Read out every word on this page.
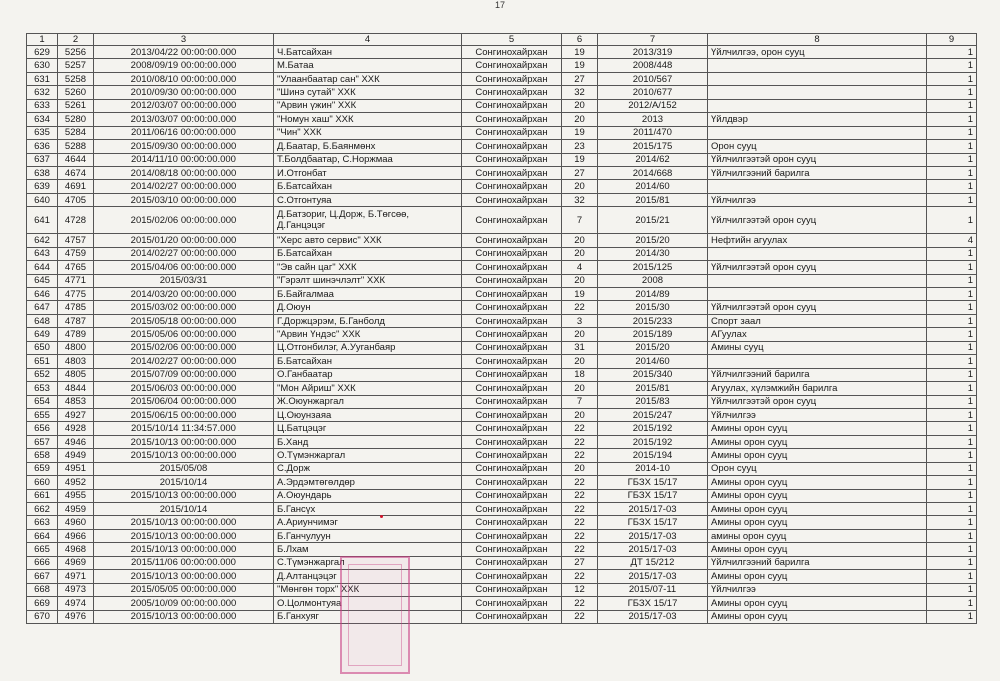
17
1	2	3	4	5	6	7	8	9
629	5256	2013/04/22 00:00:00.000	Ч.Батсайхан	Сонгинохайрхан	19	2013/319	Үйлчилгээ, орон сууц	1
630	5257	2008/09/19 00:00:00.000	М.Батаа	Сонгинохайрхан	19	2008/448		1
631	5258	2010/08/10 00:00:00.000	"Улаанбаатар сан" ХХК	Сонгинохайрхан	27	2010/567		1
632	5260	2010/09/30 00:00:00.000	"Шинэ сутай" ХХК	Сонгинохайрхан	32	2010/677		1
633	5261	2012/03/07 00:00:00.000	"Арвин үжин" ХХК	Сонгинохайрхан	20	2012/А/152		1
634	5280	2013/03/07 00:00:00.000	"Номун хаш" ХХК	Сонгинохайрхан	20	2013	Үйлдвэр	1
635	5284	2011/06/16 00:00:00.000	"Чин" ХХК	Сонгинохайрхан	19	2011/470		1
636	5288	2015/09/30 00:00:00.000	Д.Баатар, Б.Баянмөнх	Сонгинохайрхан	23	2015/175	Орон сууц	1
637	4644	2014/11/10 00:00:00.000	Т.Болдбаатар, С.Норжмаа	Сонгинохайрхан	19	2014/62	Үйлчилгээтэй орон сууц	1
638	4674	2014/08/18 00:00:00.000	И.Отгонбат	Сонгинохайрхан	27	2014/668	Үйлчилгээний барилга	1
639	4691	2014/02/27 00:00:00.000	Б.Батсайхан	Сонгинохайрхан	20	2014/60		1
640	4705	2015/03/10 00:00:00.000	С.Отгонтуяа	Сонгинохайрхан	32	2015/81	Үйлчилгээ	1
641	4728	2015/02/06 00:00:00.000	Д.Батзориг, Ц.Дорж, Б.Төгсөө, Д.Ганцэцэг	Сонгинохайрхан	7	2015/21	Үйлчилгээтэй орон сууц	1
642	4757	2015/01/20 00:00:00.000	"Херс авто сервис" ХХК	Сонгинохайрхан	20	2015/20	Нефтийн агуулах	4
643	4759	2014/02/27 00:00:00.000	Б.Батсайхан	Сонгинохайрхан	20	2014/30		1
644	4765	2015/04/06 00:00:00.000	"Эв сайн цаг" ХХК	Сонгинохайрхан	4	2015/125	Үйлчилгээтэй орон сууц	1
645	4771	2015/03/31	"Гэрэлт шинэчлэлт" ХХК	Сонгинохайрхан	20	2008		1
646	4775	2014/03/20 00:00:00.000	Б.Байгалмаа	Сонгинохайрхан	19	2014/89		1
647	4785	2015/03/02 00:00:00.000	Д.Оюун	Сонгинохайрхан	22	2015/30	Үйлчилгээтэй орон сууц	1
648	4787	2015/05/18 00:00:00.000	Г.Доржцэрэм, Б.Ганболд	Сонгинохайрхан	3	2015/233	Спорт заал	1
649	4789	2015/05/06 00:00:00.000	"Арвин Үндэс" ХХК	Сонгинохайрхан	20	2015/189	АГуулах	1
650	4800	2015/02/06 00:00:00.000	Ц.Отгонбилэг, А.Ууганбаяр	Сонгинохайрхан	31	2015/20	Амины сууц	1
651	4803	2014/02/27 00:00:00.000	Б.Батсайхан	Сонгинохайрхан	20	2014/60		1
652	4805	2015/07/09 00:00:00.000	О.Ганбаатар	Сонгинохайрхан	18	2015/340	Үйлчилгээний барилга	1
653	4844	2015/06/03 00:00:00.000	"Мон Айриш" ХХК	Сонгинохайрхан	20	2015/81	Агуулах, хүлэмжийн барилга	1
654	4853	2015/06/04 00:00:00.000	Ж.Оюунжаргал	Сонгинохайрхан	7	2015/83	Үйлчилгээтэй орон сууц	1
655	4927	2015/06/15 00:00:00.000	Ц.Оюунзаяа	Сонгинохайрхан	20	2015/247	Үйлчилгээ	1
656	4928	2015/10/14 11:34:57.000	Ц.Батцэцэг	Сонгинохайрхан	22	2015/192	Амины орон сууц	1
657	4946	2015/10/13 00:00:00.000	Б.Ханд	Сонгинохайрхан	22	2015/192	Амины орон сууц	1
658	4949	2015/10/13 00:00:00.000	О.Түмэнжаргал	Сонгинохайрхан	22	2015/194	Амины орон сууц	1
659	4951	2015/05/08	С.Дорж	Сонгинохайрхан	20	2014-10	Орон сууц	1
660	4952	2015/10/14	А.Эрдэмтөгөлдөр	Сонгинохайрхан	22	ГБЗХ 15/17	Амины орон сууц	1
661	4955	2015/10/13 00:00:00.000	А.Оюундарь	Сонгинохайрхан	22	ГБЗХ 15/17	Амины орон сууц	1
662	4959	2015/10/14	Б.Гансүх	Сонгинохайрхан	22	2015/17-03	Амины орон сууц	1
663	4960	2015/10/13 00:00:00.000	А.Ариунчимэг	Сонгинохайрхан	22	ГБЗХ 15/17	Амины орон сууц	1
664	4966	2015/10/13 00:00:00.000	Б.Ганчулуун	Сонгинохайрхан	22	2015/17-03	амины орон сууц	1
665	4968	2015/10/13 00:00:00.000	Б.Лхам	Сонгинохайрхан	22	2015/17-03	Амины орон сууц	1
666	4969	2015/11/06 00:00:00.000	С.Түмэнжаргал	Сонгинохайрхан	27	ДТ 15/212	Үйлчилгээний барилга	1
667	4971	2015/10/13 00:00:00.000	Д.Алтанцэцэг	Сонгинохайрхан	22	2015/17-03	Амины орон сууц	1
668	4973	2015/05/05 00:00:00.000	"Мөнгөн торх" ХХК	Сонгинохайрхан	12	2015/07-11	Үйлчилгээ	1
669	4974	2005/10/09 00:00:00.000	О.Цолмонтуяа	Сонгинохайрхан	22	ГБЗХ 15/17	Амины орон сууц	1
670	4976	2015/10/13 00:00:00.000	Б.Ганхуяг	Сонгинохайрхан	22	2015/17-03	Амины орон сууц	1
